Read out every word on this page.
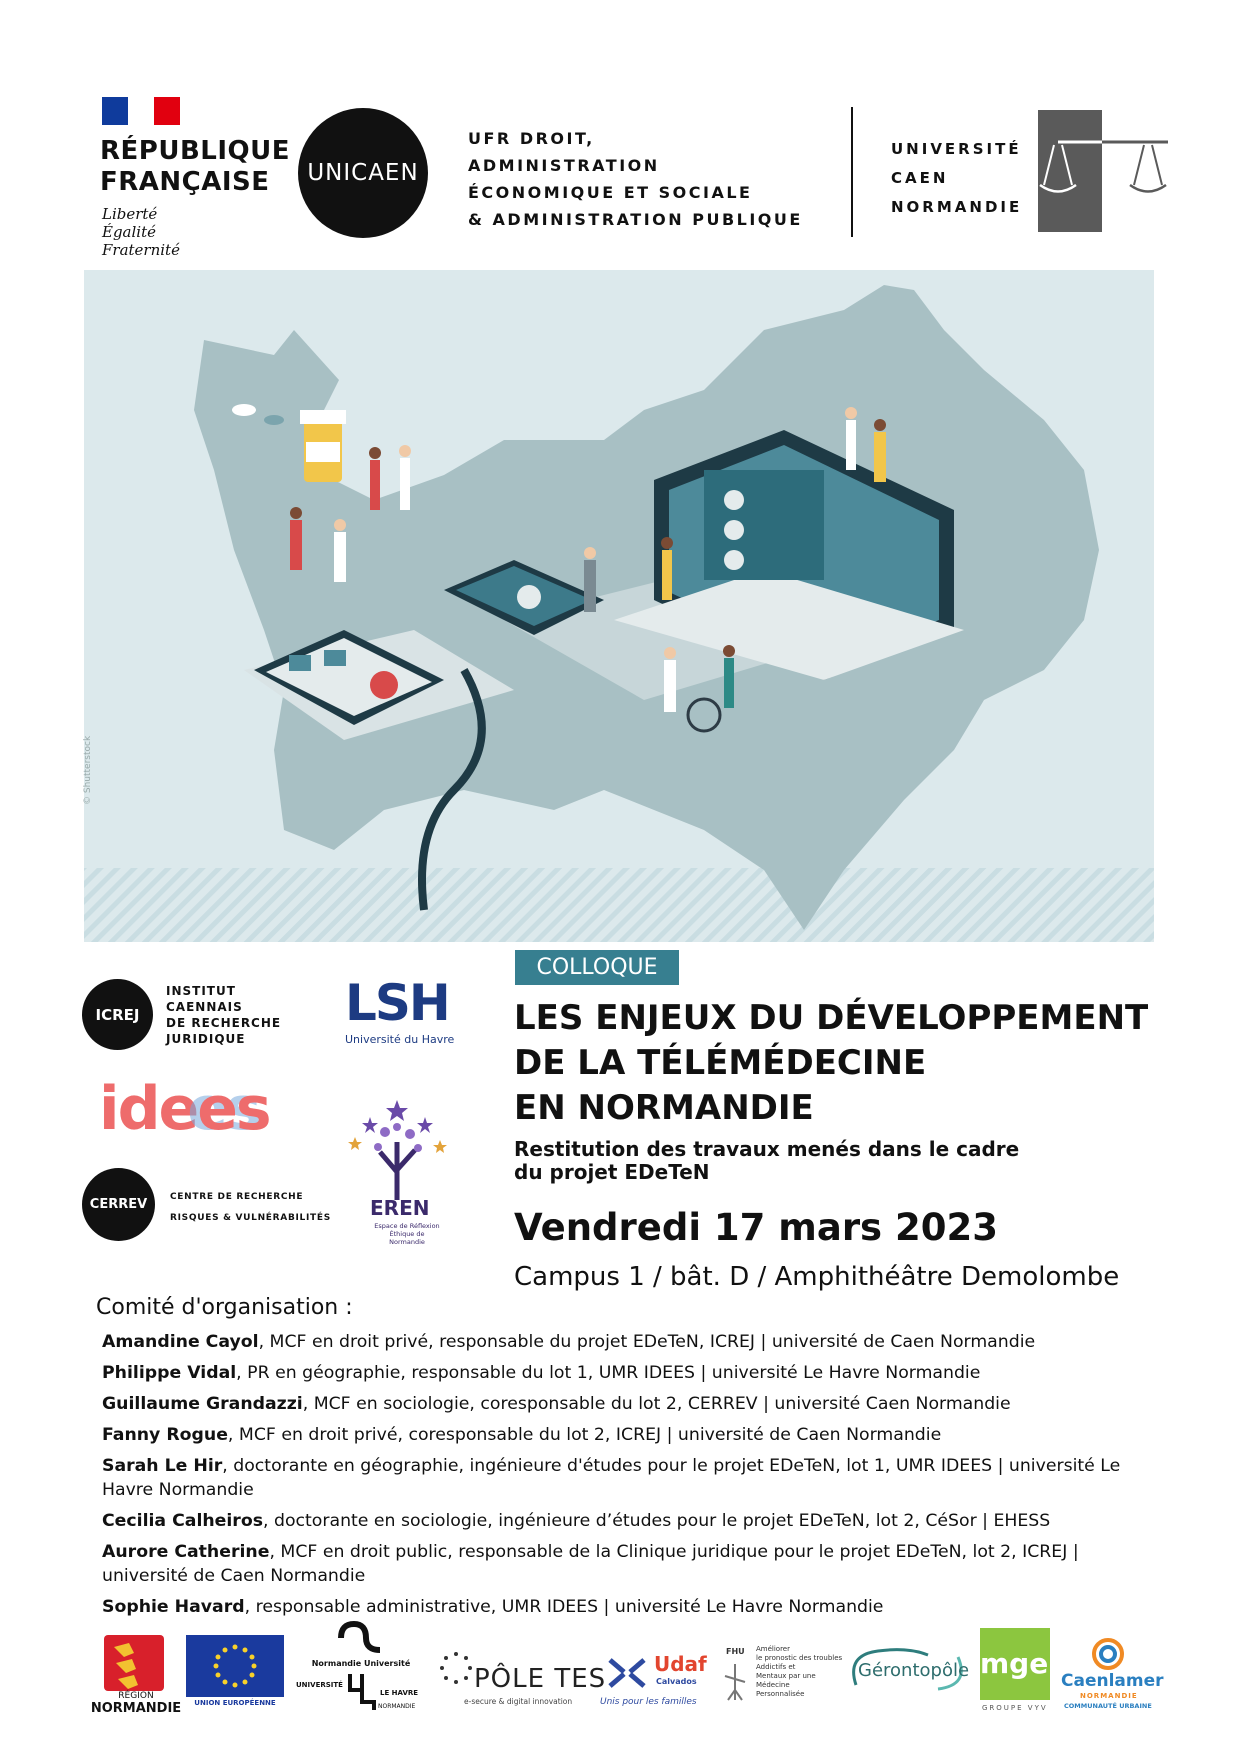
RÉPUBLIQUE
FRANÇAISE
Liberté
Égalité
Fraternité
UNICAEN
UFR DROIT,
ADMINISTRATION
ÉCONOMIQUE ET SOCIALE
& ADMINISTRATION PUBLIQUE
UNIVERSITÉ
CAEN
NORMANDIE
© Shutterstock
ICREJ
INSTITUT
CAENNAIS
DE RECHERCHE
JURIDIQUE
idees
CERREV	CENTRE DE RECHERCHE
RISQUES & VULNÉRABILITÉS
LSH
Université du Havre
EREN
Espace de Réflexion Éthique de Normandie
COLLOQUE
LES ENJEUX DU DÉVELOPPEMENT
DE LA TÉLÉMÉDECINE
EN NORMANDIE
Restitution des travaux menés dans le cadre
du projet EDeTeN
Vendredi 17 mars 2023
Campus 1 / bât. D / Amphithéâtre Demolombe
Comité d'organisation :
Amandine Cayol, MCF en droit privé, responsable du projet EDeTeN, ICREJ | université de Caen Normandie
Philippe Vidal, PR en géographie, responsable du lot 1, UMR IDEES | université Le Havre Normandie
Guillaume Grandazzi, MCF en sociologie, coresponsable du lot 2, CERREV | université Caen Normandie
Fanny Rogue, MCF en droit privé, coresponsable du lot 2, ICREJ | université de Caen Normandie
Sarah Le Hir, doctorante en géographie, ingénieure d'études pour le projet EDeTeN, lot 1, UMR IDEES | université Le Havre Normandie
Cecilia Calheiros, doctorante en sociologie, ingénieure d’études pour le projet EDeTeN, lot 2, CéSor | EHESS
Aurore Catherine, MCF en droit public, responsable de la Clinique juridique pour le projet EDeTeN, lot 2, ICREJ | université de Caen Normandie
Sophie Havard, responsable administrative, UMR IDEES | université Le Havre Normandie
RÉGION
NORMANDIE	UNION EUROPÉENNE
Normandie Université
UNIVERSITÉ
LE HAVRE
NORMANDIE
PÔLE TES
e-secure & digital innovation
Udaf
Calvados
Unis pour les familles
FHU Améliorer
le pronostic des troubles
Addictifs et
Mentaux par une
Médecine
Personnalisée
Gérontopôle mgen
GROUPE VYV
Caenlamer
NORMANDIE
COMMUNAUTÉ URBAINE
